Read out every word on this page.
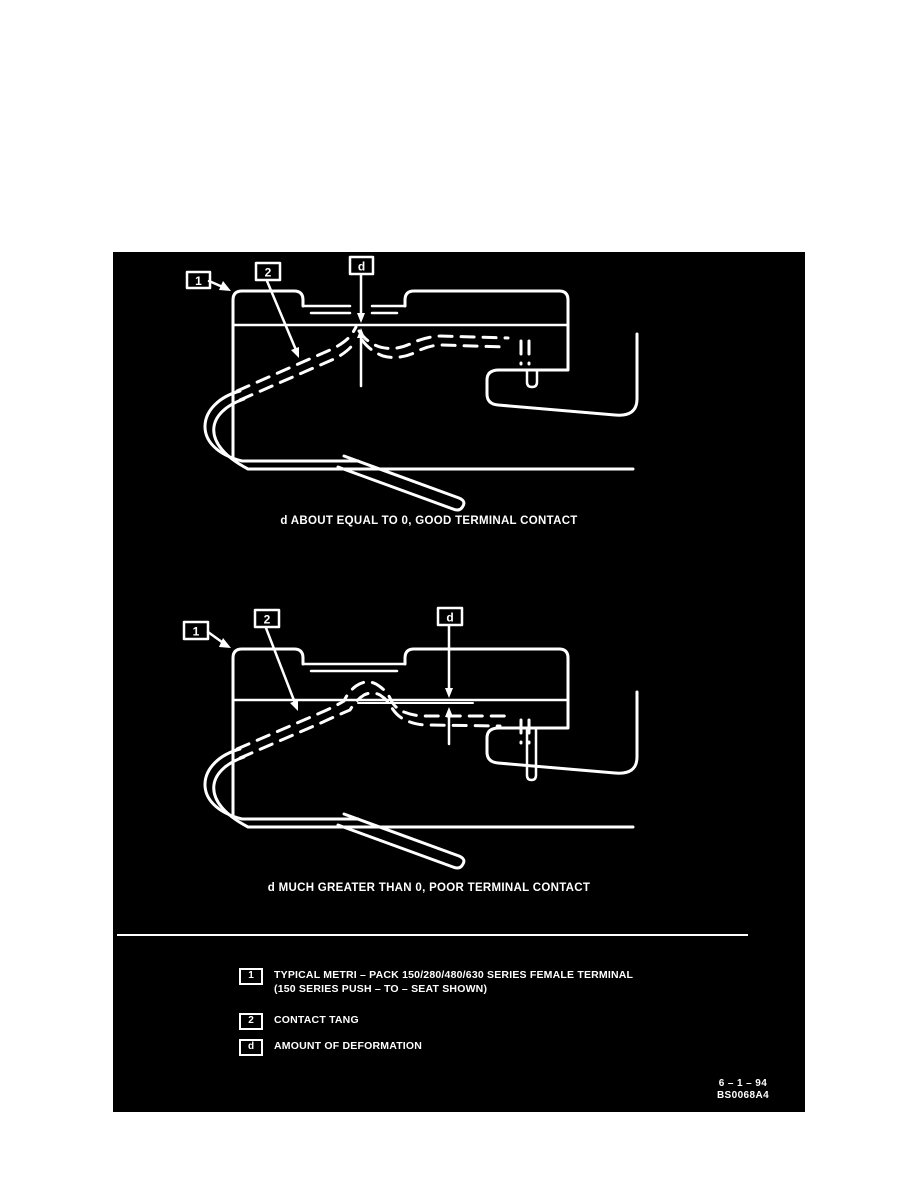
1
2	d
d ABOUT EQUAL TO 0, GOOD TERMINAL CONTACT
1
2	d
d MUCH GREATER THAN 0, POOR TERMINAL CONTACT
1	TYPICAL METRI – PACK 150/280/480/630 SERIES FEMALE TERMINAL
(150 SERIES PUSH – TO – SEAT SHOWN)
2	CONTACT TANG
d	AMOUNT OF DEFORMATION
6 – 1 – 94
BS0068A4
